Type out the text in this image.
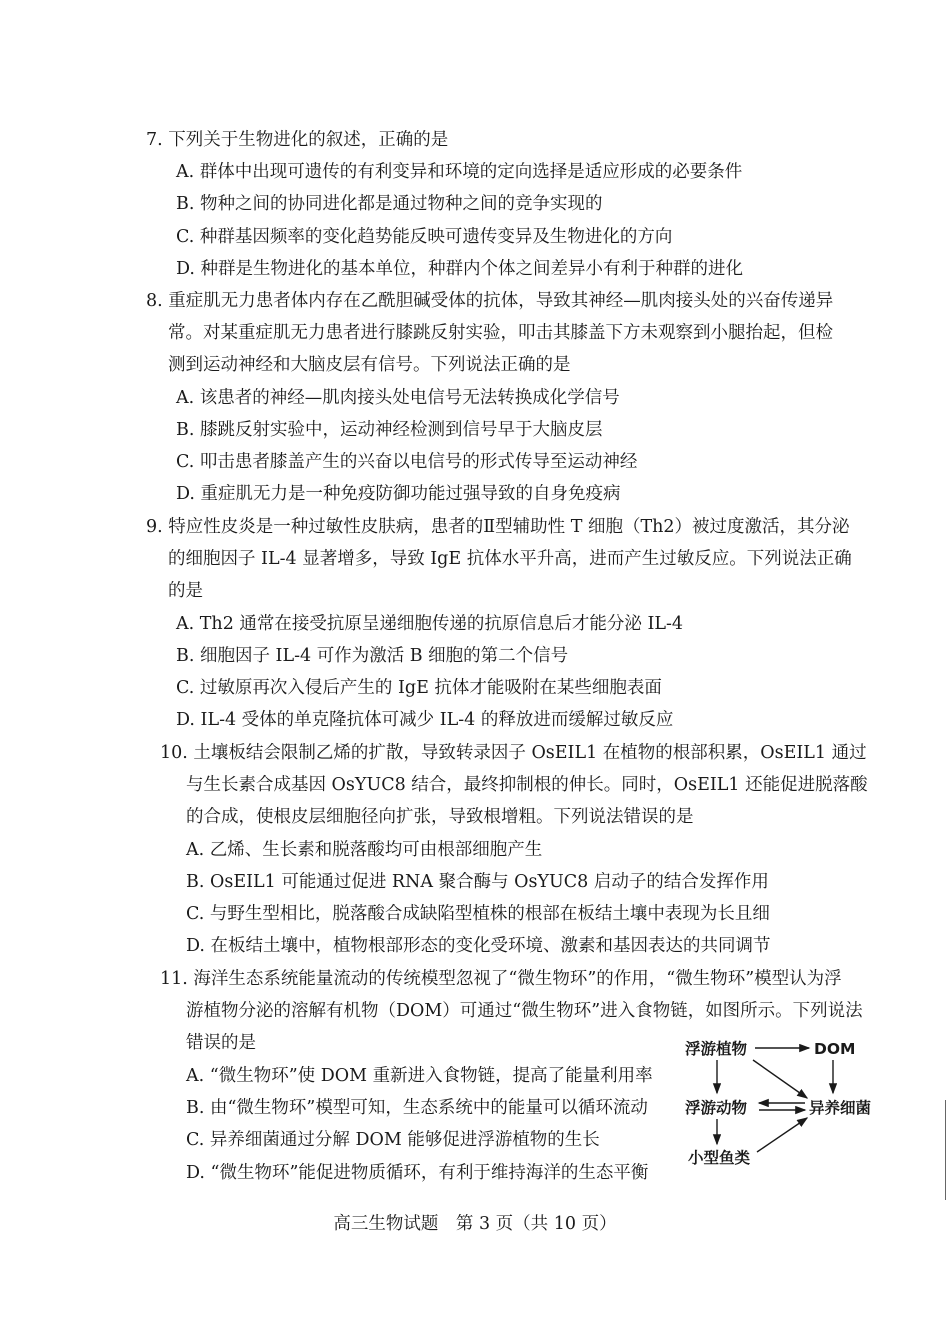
7. 下列关于生物进化的叙述，正确的是
A. 群体中出现可遗传的有利变异和环境的定向选择是适应形成的必要条件
B. 物种之间的协同进化都是通过物种之间的竞争实现的
C. 种群基因频率的变化趋势能反映可遗传变异及生物进化的方向
D. 种群是生物进化的基本单位，种群内个体之间差异小有利于种群的进化
8. 重症肌无力患者体内存在乙酰胆碱受体的抗体，导致其神经—肌肉接头处的兴奋传递异
常。对某重症肌无力患者进行膝跳反射实验，叩击其膝盖下方未观察到小腿抬起，但检
测到运动神经和大脑皮层有信号。下列说法正确的是
A. 该患者的神经—肌肉接头处电信号无法转换成化学信号
B. 膝跳反射实验中，运动神经检测到信号早于大脑皮层
C. 叩击患者膝盖产生的兴奋以电信号的形式传导至运动神经
D. 重症肌无力是一种免疫防御功能过强导致的自身免疫病
9. 特应性皮炎是一种过敏性皮肤病，患者的Ⅱ型辅助性 T 细胞（Th2）被过度激活，其分泌
的细胞因子 IL-4 显著增多，导致 IgE 抗体水平升高，进而产生过敏反应。下列说法正确
的是
A. Th2 通常在接受抗原呈递细胞传递的抗原信息后才能分泌 IL-4
B. 细胞因子 IL-4 可作为激活 B 细胞的第二个信号
C. 过敏原再次入侵后产生的 IgE 抗体才能吸附在某些细胞表面
D. IL-4 受体的单克隆抗体可减少 IL-4 的释放进而缓解过敏反应
10. 土壤板结会限制乙烯的扩散，导致转录因子 OsEIL1 在植物的根部积累，OsEIL1 通过
与生长素合成基因 OsYUC8 结合，最终抑制根的伸长。同时，OsEIL1 还能促进脱落酸
的合成，使根皮层细胞径向扩张，导致根增粗。下列说法错误的是
A. 乙烯、生长素和脱落酸均可由根部细胞产生
B. OsEIL1 可能通过促进 RNA 聚合酶与 OsYUC8 启动子的结合发挥作用
C. 与野生型相比，脱落酸合成缺陷型植株的根部在板结土壤中表现为长且细
D. 在板结土壤中，植物根部形态的变化受环境、激素和基因表达的共同调节
11. 海洋生态系统能量流动的传统模型忽视了“微生物环”的作用，“微生物环”模型认为浮
游植物分泌的溶解有机物（DOM）可通过“微生物环”进入食物链，如图所示。下列说法
错误的是
A. “微生物环”使 DOM 重新进入食物链，提高了能量利用率
B. 由“微生物环”模型可知，生态系统中的能量可以循环流动
C. 异养细菌通过分解 DOM 能够促进浮游植物的生长
D. “微生物环”能促进物质循环，有利于维持海洋的生态平衡
浮游植物	DOM
浮游动物	异养细菌
小型鱼类
高三生物试题　第 3 页（共 10 页）
